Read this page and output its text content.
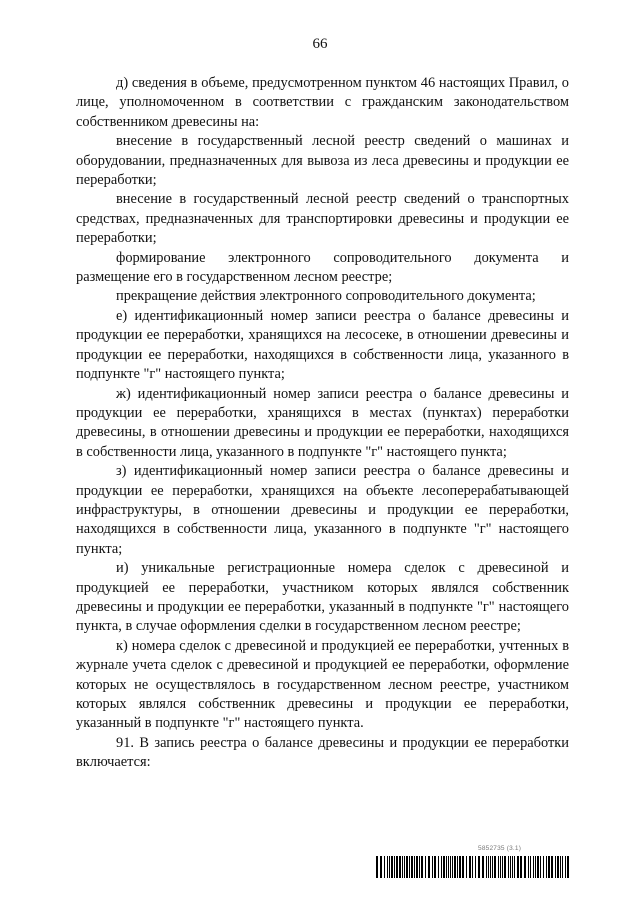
66

д) сведения в объеме, предусмотренном пунктом 46 настоящих Правил, о лице, уполномоченном в соответствии с гражданским законодательством собственником древесины на:

внесение в государственный лесной реестр сведений о машинах и оборудовании, предназначенных для вывоза из леса древесины и продукции ее переработки;

внесение в государственный лесной реестр сведений о транспортных средствах, предназначенных для транспортировки древесины и продукции ее переработки;

формирование электронного сопроводительного документа и размещение его в государственном лесном реестре;

прекращение действия электронного сопроводительного документа;

е) идентификационный номер записи реестра о балансе древесины и продукции ее переработки, хранящихся на лесосеке, в отношении древесины и продукции ее переработки, находящихся в собственности лица, указанного в подпункте "г" настоящего пункта;

ж) идентификационный номер записи реестра о балансе древесины и продукции ее переработки, хранящихся в местах (пунктах) переработки древесины, в отношении древесины и продукции ее переработки, находящихся в собственности лица, указанного в подпункте "г" настоящего пункта;

з) идентификационный номер записи реестра о балансе древесины и продукции ее переработки, хранящихся на объекте лесоперерабатывающей инфраструктуры, в отношении древесины и продукции ее переработки, находящихся в собственности лица, указанного в подпункте "г" настоящего пункта;

и) уникальные регистрационные номера сделок с древесиной и продукцией ее переработки, участником которых являлся собственник древесины и продукции ее переработки, указанный в подпункте "г" настоящего пункта, в случае оформления сделки в государственном лесном реестре;

к) номера сделок с древесиной и продукцией ее переработки, учтенных в журнале учета сделок с древесиной и продукцией ее переработки, оформление которых не осуществлялось в государственном лесном реестре, участником которых являлся собственник древесины и продукции ее переработки, указанный в подпункте "г" настоящего пункта.

91. В запись реестра о балансе древесины и продукции ее переработки включается:

5852735 (3.1)
